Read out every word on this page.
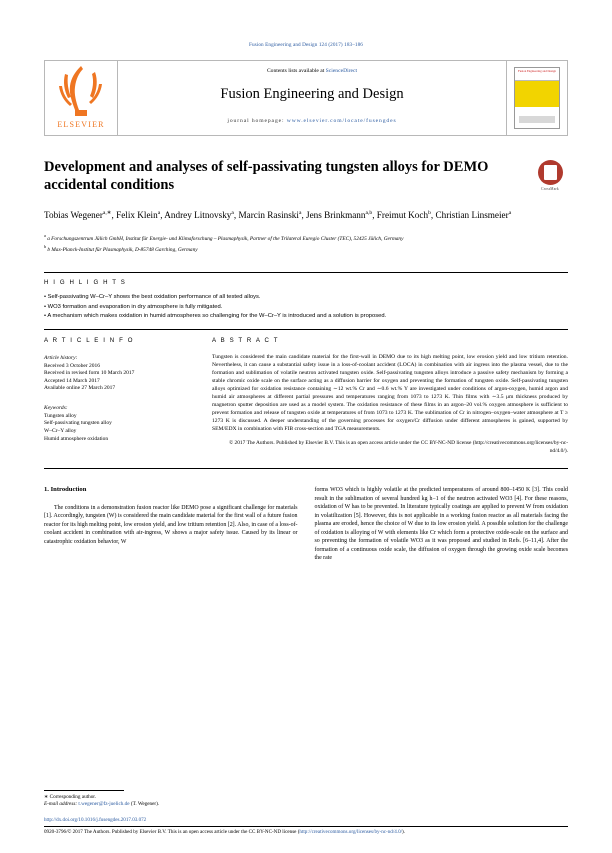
Fusion Engineering and Design 124 (2017) 183–186
ELSEVIER
Contents lists available at ScienceDirect
Fusion Engineering and Design
journal homepage: www.elsevier.com/locate/fusengdes
Fusion Engineering and Design
Development and analyses of self-passivating tungsten alloys for DEMO accidental conditions	CrossMark
Tobias Wegener$^{a,∗}$, Felix Klein$^a$, Andrey Litnovsky$^a$, Marcin Rasinski$^a$, Jens Brinkmann$^{a,b}$, Freimut Koch$^b$, Christian Linsmeier$^a$
$^a$ a Forschungszentrum Jülich GmbH, Institut für Energie- und Klimaforschung – Plasmaphysik, Partner of the Trilateral Euregio Cluster (TEC), 52425 Jülich, Germany
$^b$ b Max-Planck-Institut für Plasmaphysik, D-85748 Garching, Germany
H I G H L I G H T S
• Self-passivating W–Cr–Y shows the best oxidation performance of all tested alloys.
• WO3 formation and evaporation in dry atmosphere is fully mitigated.
• A mechanism which makes oxidation in humid atmospheres so challenging for the W–Cr–Y is introduced and a solution is proposed.
A R T I C L E I N F O
Article history:
Received 3 October 2016
Received in revised form 10 March 2017
Accepted 14 March 2017
Available online 27 March 2017
Keywords:
Tungsten alloy
Self-passivating tungsten alloy
W–Cr–Y alloy
Humid atmosphere oxidation
A B S T R A C T
Tungsten is considered the main candidate material for the first-wall in DEMO due to its high melting point, low erosion yield and low tritium retention. Nevertheless, it can cause a substantial safety issue in a loss-of-coolant accident (LOCA) in combination with air ingress into the plasma vessel, due to the formation and sublimation of volatile neutron activated tungsten oxide. Self-passivating tungsten alloys introduce a passive safety mechanism by forming a stable chromic oxide scale on the surface acting as a diffusion barrier for oxygen and preventing the formation of tungsten oxide. Self-passivating tungsten alloys optimized for oxidation resistance containing ∼12 wt.% Cr and ∼0.6 wt.% Y are investigated under conditions of argon-oxygen, humid argon and humid air atmospheres at different partial pressures and temperatures ranging from 1073 to 1273 K. Thin films with ∼3.5 μm thickness produced by magnetron sputter deposition are used as a model system. The oxidation resistance of these films in an argon–20 vol.% oxygen atmosphere is sufficient to prevent formation and release of tungsten oxide at temperatures of from 1073 to 1273 K. The sublimation of Cr in nitrogen–oxygen–water atmosphere at T ≥ 1273 K is discussed. A deeper understanding of the governing processes for oxygen/Cr diffusion under different atmospheres is gained, supported by SEM/EDX in combination with FIB cross-section and TGA measurements.
© 2017 The Authors. Published by Elsevier B.V. This is an open access article under the CC BY-NC-ND license (http://creativecommons.org/licenses/by-nc-nd/4.0/).
1. Introduction

The conditions in a demonstration fusion reactor like DEMO pose a significant challenge for materials [1]. Accordingly, tungsten (W) is considered the main candidate material for the first wall of a future fusion reactor for its high melting point, low erosion yield, and low tritium retention [2]. Also, in case of a loss-of-coolant accident in combination with air-ingress, W shows a major safety issue. Caused by its linear or catastrophic oxidation behavior, W

forms WO3 which is highly volatile at the predicted temperatures of around 800–1450 K [3]. This could result in the sublimation of several hundred kg h−1 of the neutron activated WO3 [4]. For these reasons, oxidation of W has to be prevented. In literature typically coatings are applied to prevent W from oxidation in volatilization [5]. However, this is not applicable in a working fusion reactor as all materials facing the plasma are eroded, hence the choice of W due to its low erosion yield. A possible solution for the challenge of oxidation is alloying of W with elements like Cr which form a protective oxide-scale on the surface and so preventing the formation of volatile WO3 as it was proposed and studied in Refs. [6–11,4]. After the formation of a continuous oxide scale, the diffusion of oxygen through the growing oxide scale becomes the rate

∗ Corresponding author.
E-mail address: t.wegener@fz-juelich.de (T. Wegener).
http://dx.doi.org/10.1016/j.fusengdes.2017.03.072
0920-3796/© 2017 The Authors. Published by Elsevier B.V. This is an open access article under the CC BY-NC-ND license (http://creativecommons.org/licenses/by-nc-nd/4.0/).
